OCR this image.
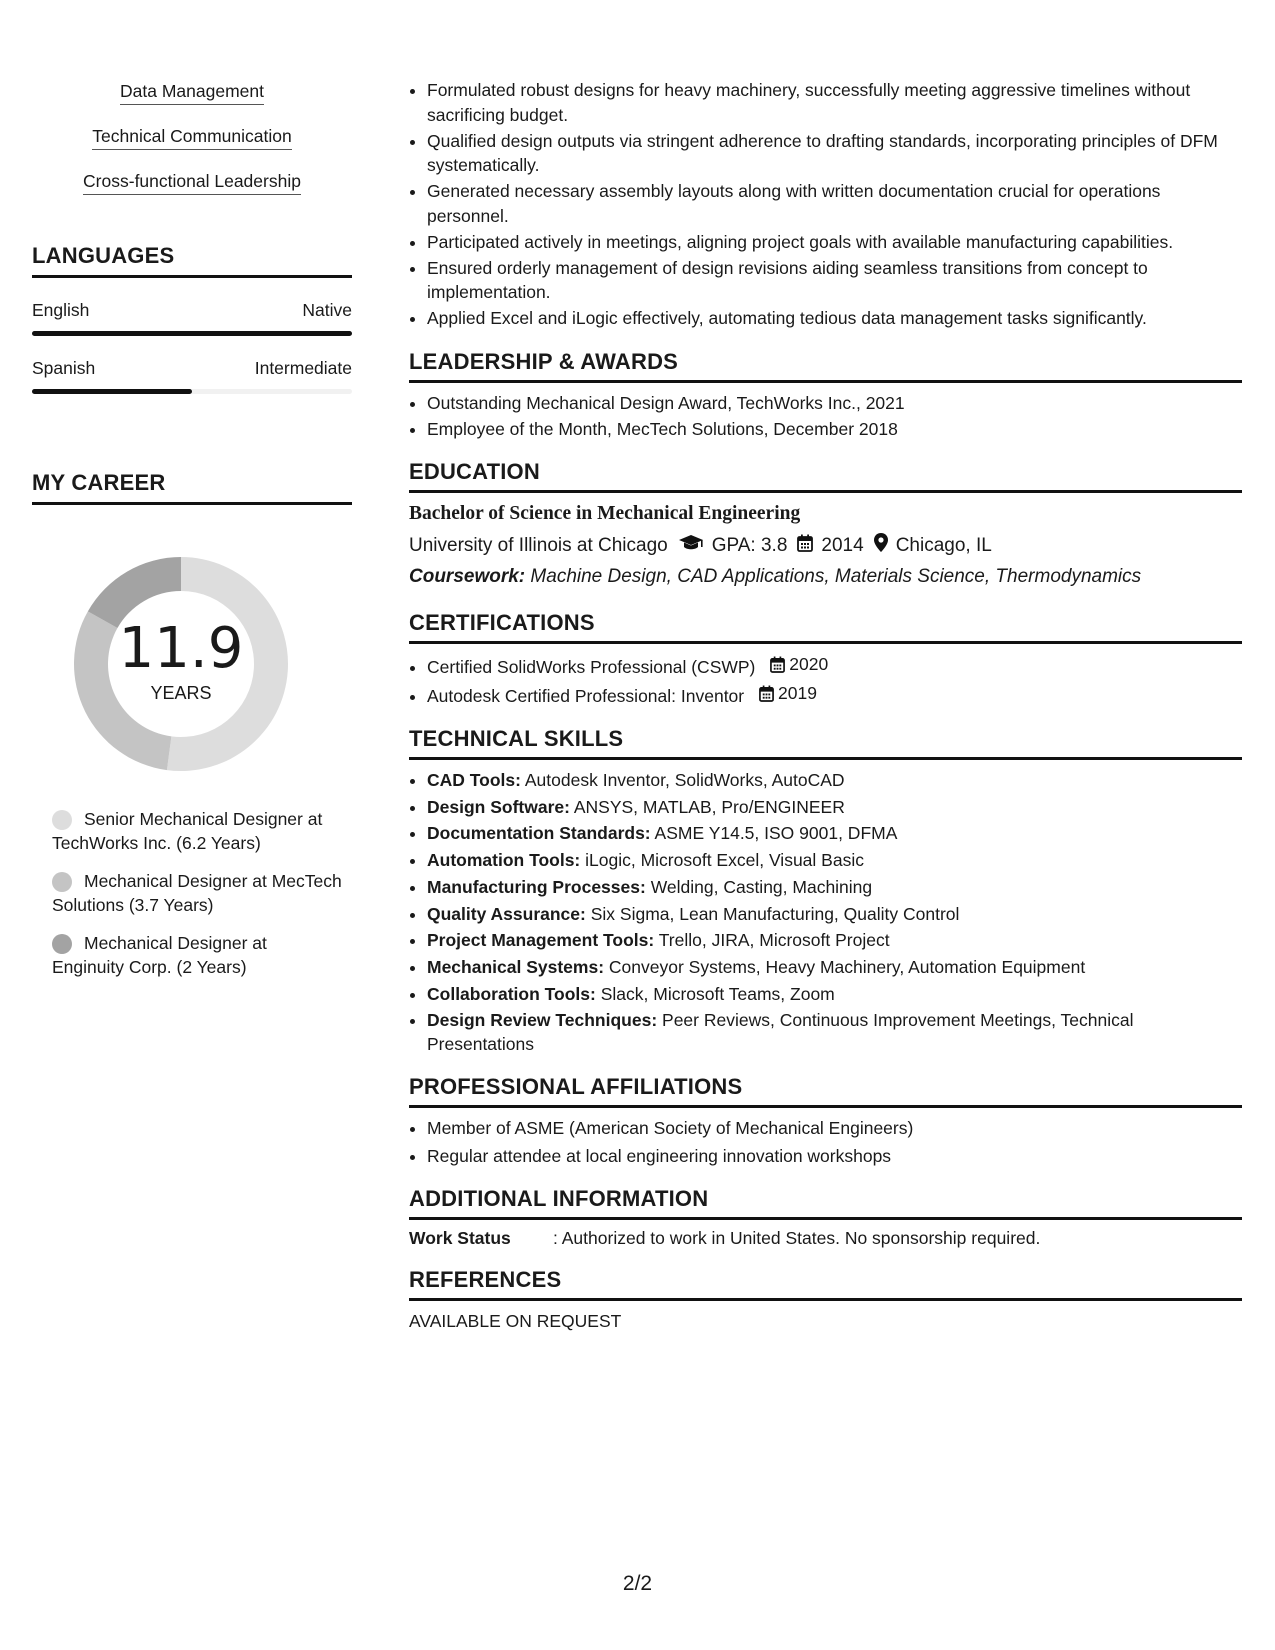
Data Management
Technical Communication
Cross-functional Leadership
LANGUAGES
English	Native
Spanish	Intermediate
MY CAREER
11.9
YEARS
Senior Mechanical Designer at TechWorks Inc. (6.2 Years)
Mechanical Designer at MecTech Solutions (3.7 Years)
Mechanical Designer at Enginuity Corp. (2 Years)
• Formulated robust designs for heavy machinery, successfully meeting aggressive timelines without sacrificing budget.
• Qualified design outputs via stringent adherence to drafting standards, incorporating principles of DFM systematically.
• Generated necessary assembly layouts along with written documentation crucial for operations personnel.
• Participated actively in meetings, aligning project goals with available manufacturing capabilities.
• Ensured orderly management of design revisions aiding seamless transitions from concept to implementation.
• Applied Excel and iLogic effectively, automating tedious data management tasks significantly.
LEADERSHIP & AWARDS
• Outstanding Mechanical Design Award, TechWorks Inc., 2021
• Employee of the Month, MecTech Solutions, December 2018
EDUCATION
Bachelor of Science in Mechanical Engineering
University of Illinois at Chicago GPA: 3.8 2014 Chicago, IL
Coursework: Machine Design, CAD Applications, Materials Science, Thermodynamics
CERTIFICATIONS
• Certified SolidWorks Professional (CSWP) 2020
• Autodesk Certified Professional: Inventor 2019
TECHNICAL SKILLS
• CAD Tools: Autodesk Inventor, SolidWorks, AutoCAD
• Design Software: ANSYS, MATLAB, Pro/ENGINEER
• Documentation Standards: ASME Y14.5, ISO 9001, DFMA
• Automation Tools: iLogic, Microsoft Excel, Visual Basic
• Manufacturing Processes: Welding, Casting, Machining
• Quality Assurance: Six Sigma, Lean Manufacturing, Quality Control
• Project Management Tools: Trello, JIRA, Microsoft Project
• Mechanical Systems: Conveyor Systems, Heavy Machinery, Automation Equipment
• Collaboration Tools: Slack, Microsoft Teams, Zoom
• Design Review Techniques: Peer Reviews, Continuous Improvement Meetings, Technical Presentations
PROFESSIONAL AFFILIATIONS
• Member of ASME (American Society of Mechanical Engineers)
• Regular attendee at local engineering innovation workshops
ADDITIONAL INFORMATION
Work Status	: Authorized to work in United States. No sponsorship required.
REFERENCES
AVAILABLE ON REQUEST
2/2
